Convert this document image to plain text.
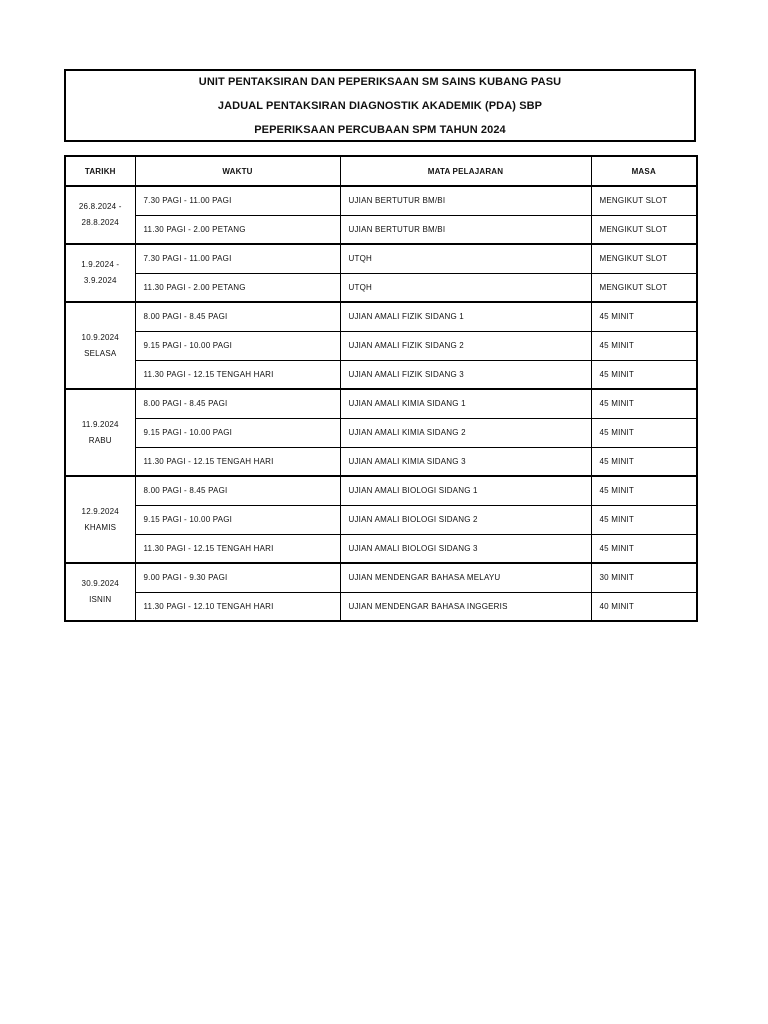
UNIT PENTAKSIRAN DAN PEPERIKSAAN SM SAINS KUBANG PASU
JADUAL PENTAKSIRAN DIAGNOSTIK AKADEMIK (PDA) SBP
PEPERIKSAAN PERCUBAAN SPM TAHUN 2024
TARIKH	WAKTU	MATA PELAJARAN	MASA

26.8.2024 -
28.8.2024	7.30 PAGI - 11.00 PAGI	UJIAN BERTUTUR BM/BI	MENGIKUT SLOT
	11.30 PAGI - 2.00 PETANG	UJIAN BERTUTUR BM/BI	MENGIKUT SLOT

1.9.2024 -
3.9.2024	7.30 PAGI - 11.00 PAGI	UTQH	MENGIKUT SLOT
	11.30 PAGI - 2.00 PETANG	UTQH	MENGIKUT SLOT

10.9.2024
SELASA	8.00 PAGI - 8.45 PAGI	UJIAN AMALI FIZIK SIDANG 1	45 MINIT
	9.15 PAGI - 10.00 PAGI	UJIAN AMALI FIZIK SIDANG 2	45 MINIT
	11.30 PAGI - 12.15 TENGAH HARI	UJIAN AMALI FIZIK SIDANG 3	45 MINIT

11.9.2024
RABU	8.00 PAGI - 8.45 PAGI	UJIAN AMALI KIMIA SIDANG 1	45 MINIT
	9.15 PAGI - 10.00 PAGI	UJIAN AMALI KIMIA SIDANG 2	45 MINIT
	11.30 PAGI - 12.15 TENGAH HARI	UJIAN AMALI KIMIA SIDANG 3	45 MINIT

12.9.2024
KHAMIS	8.00 PAGI - 8.45 PAGI	UJIAN AMALI BIOLOGI SIDANG 1	45 MINIT
	9.15 PAGI - 10.00 PAGI	UJIAN AMALI BIOLOGI SIDANG 2	45 MINIT
	11.30 PAGI - 12.15 TENGAH HARI	UJIAN AMALI BIOLOGI SIDANG 3	45 MINIT

30.9.2024
ISNIN	9.00 PAGI - 9.30 PAGI	UJIAN MENDENGAR BAHASA MELAYU	30 MINIT
	11.30 PAGI - 12.10 TENGAH HARI	UJIAN MENDENGAR BAHASA INGGERIS	40 MINIT
